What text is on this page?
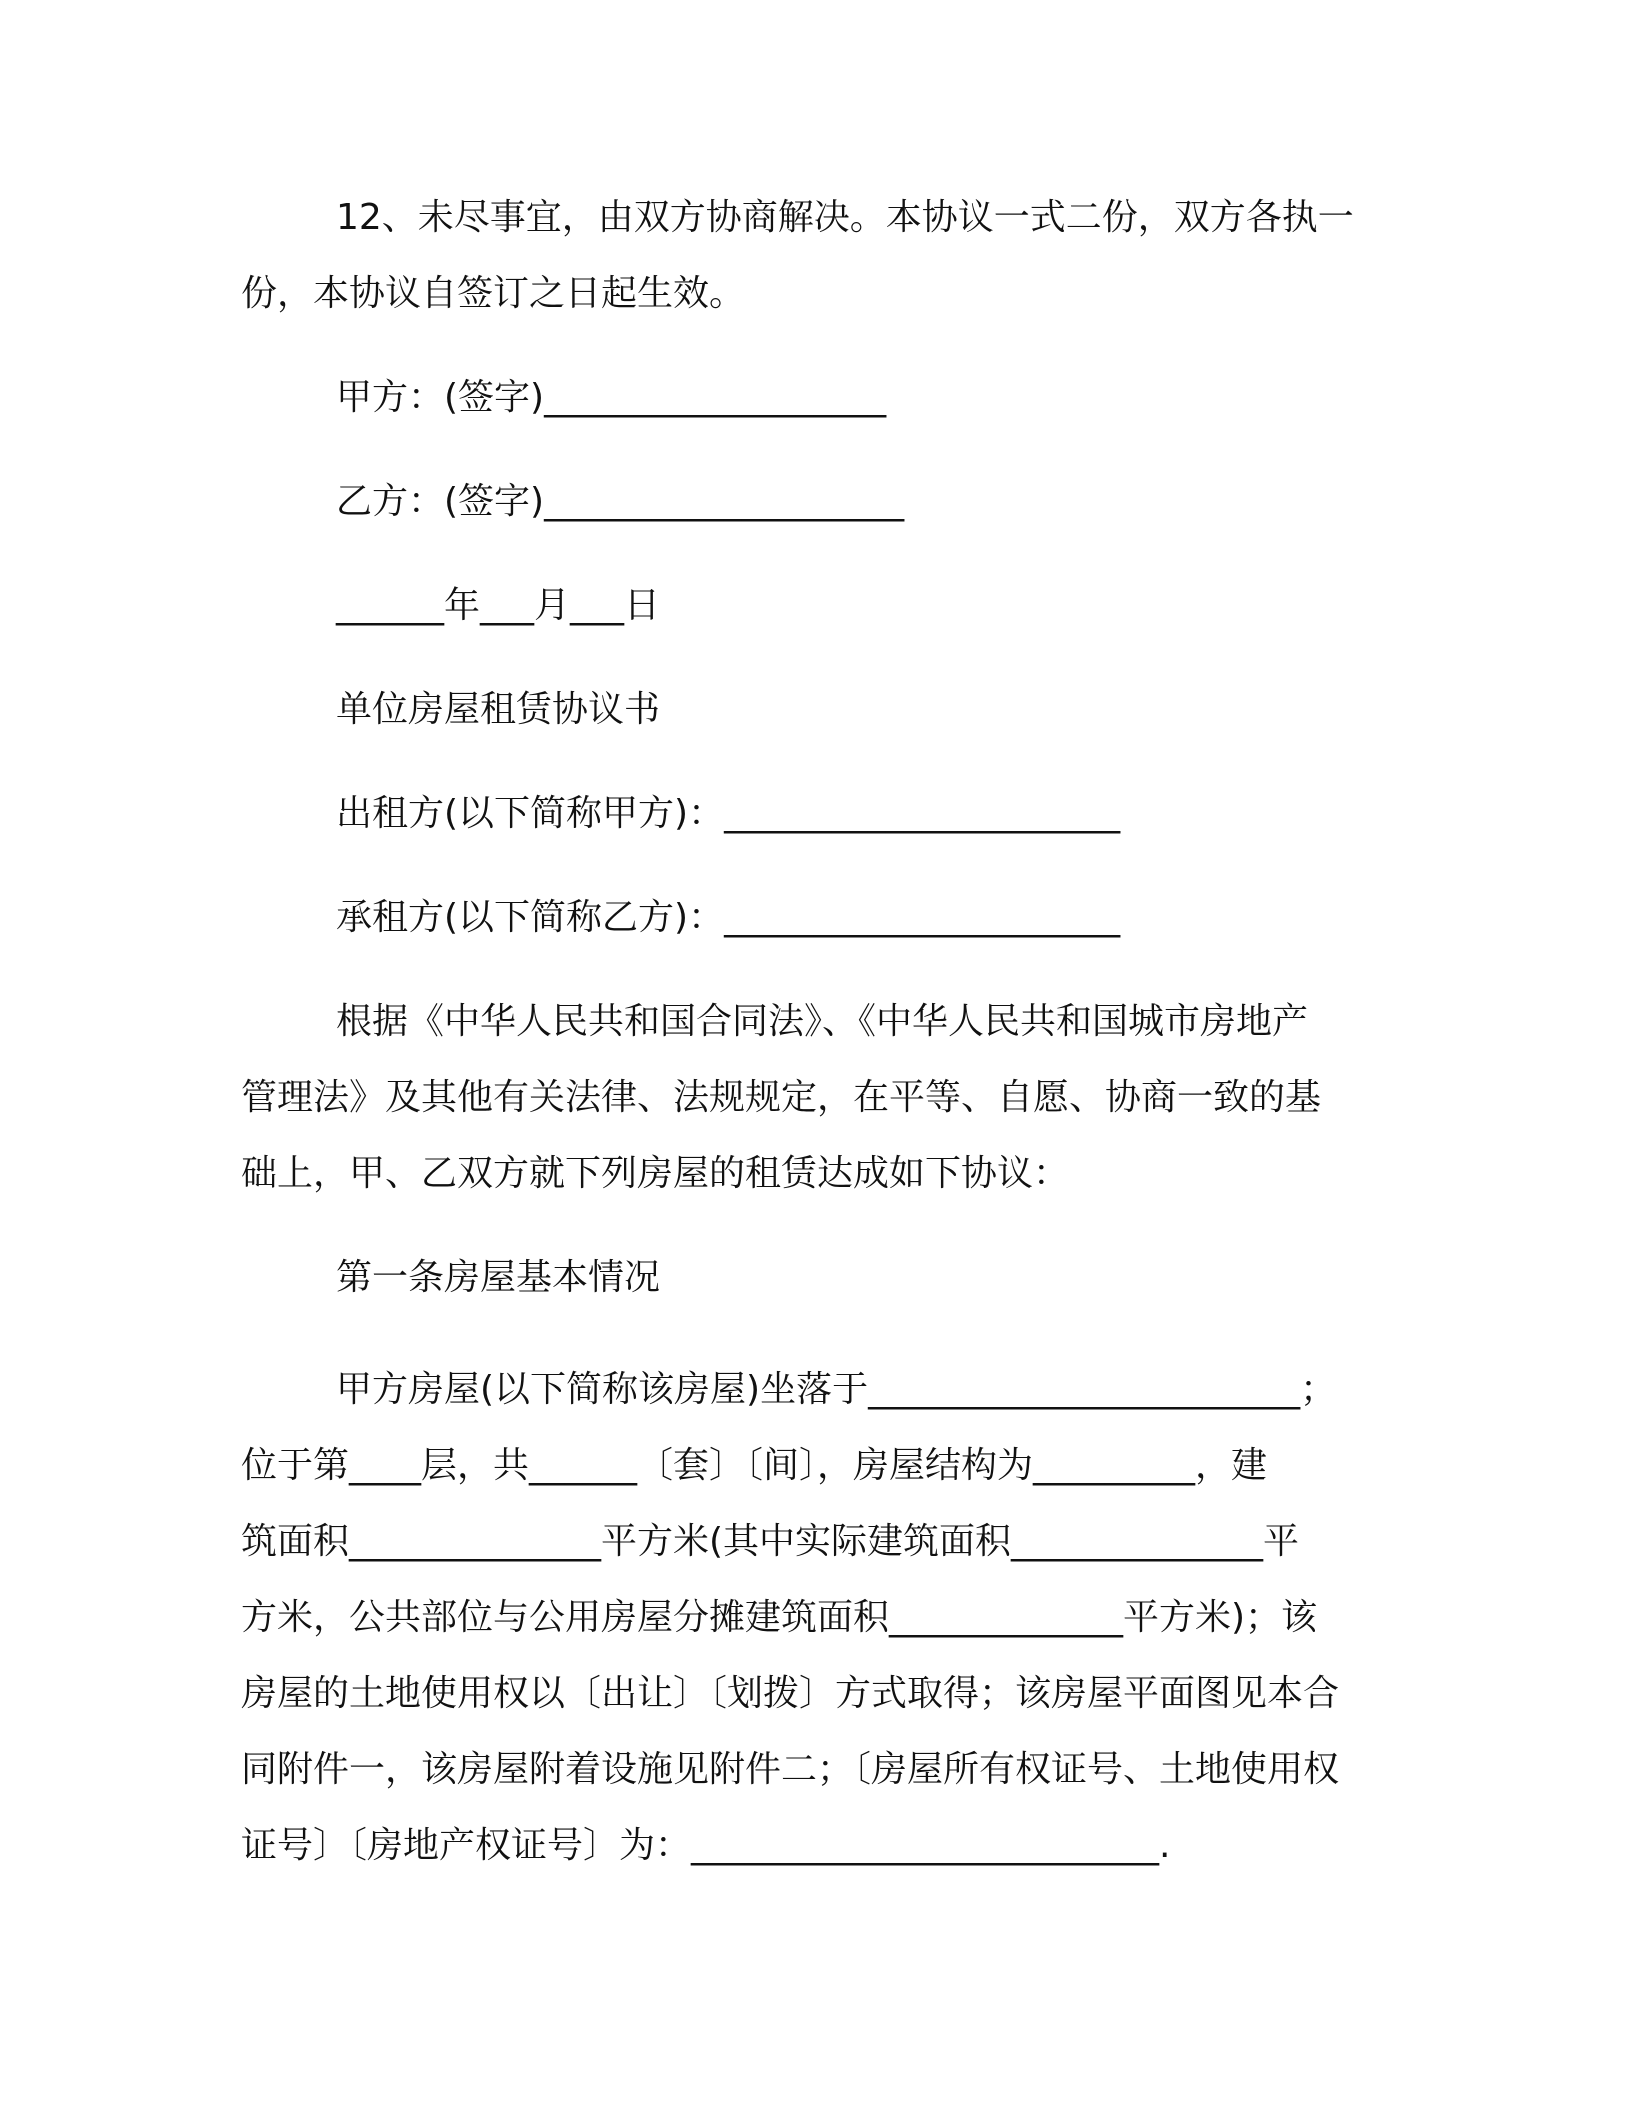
12、未尽事宜，由双方协商解决。本协议一式二份，双方各执一
份，本协议自签订之日起生效。
甲方：(签字)___________________
乙方：(签字)____________________
______年___月___日
单位房屋租赁协议书
出租方(以下简称甲方)：______________________
承租方(以下简称乙方)：______________________
根据《中华人民共和国合同法》、《中华人民共和国城市房地产
管理法》及其他有关法律、法规规定，在平等、自愿、协商一致的基
础上，甲、乙双方就下列房屋的租赁达成如下协议：
第一条房屋基本情况
甲方房屋(以下简称该房屋)坐落于________________________；
位于第____层，共______〔套〕〔间〕，房屋结构为_________，建
筑面积______________平方米(其中实际建筑面积______________平
方米，公共部位与公用房屋分摊建筑面积_____________平方米)；该
房屋的土地使用权以〔出让〕〔划拨〕方式取得；该房屋平面图见本合
同附件一，该房屋附着设施见附件二；〔房屋所有权证号、土地使用权
证号〕〔房地产权证号〕为：__________________________.
